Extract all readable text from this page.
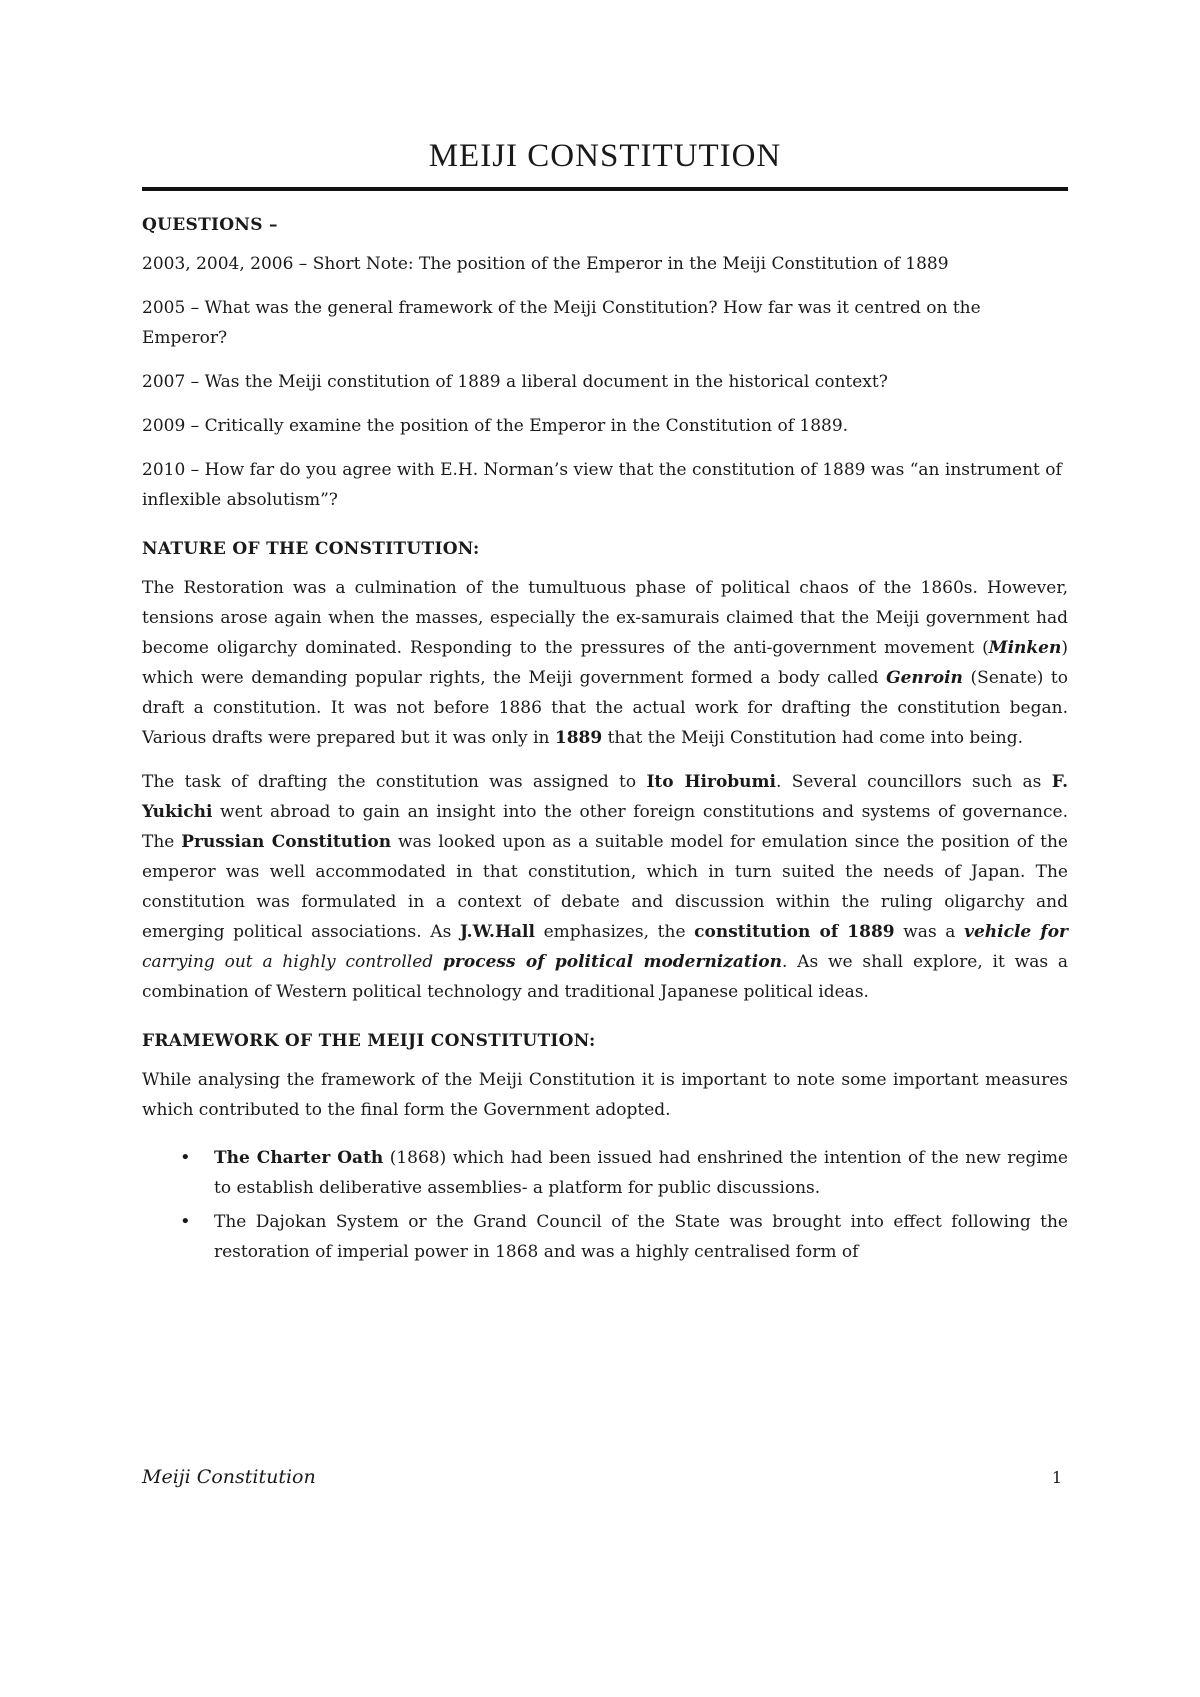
MEIJI CONSTITUTION
QUESTIONS –

2003, 2004, 2006 – Short Note: The position of the Emperor in the Meiji Constitution of 1889

2005 – What was the general framework of the Meiji Constitution? How far was it centred on the Emperor?

2007 – Was the Meiji constitution of 1889 a liberal document in the historical context?

2009 – Critically examine the position of the Emperor in the Constitution of 1889.

2010 – How far do you agree with E.H. Norman’s view that the constitution of 1889 was “an instrument of inflexible absolutism”?

NATURE OF THE CONSTITUTION:

The Restoration was a culmination of the tumultuous phase of political chaos of the 1860s. However, tensions arose again when the masses, especially the ex-samurais claimed that the Meiji government had become oligarchy dominated. Responding to the pressures of the anti-government movement (Minken) which were demanding popular rights, the Meiji government formed a body called Genroin (Senate) to draft a constitution. It was not before 1886 that the actual work for drafting the constitution began. Various drafts were prepared but it was only in 1889 that the Meiji Constitution had come into being.

The task of drafting the constitution was assigned to Ito Hirobumi. Several councillors such as F. Yukichi went abroad to gain an insight into the other foreign constitutions and systems of governance. The Prussian Constitution was looked upon as a suitable model for emulation since the position of the emperor was well accommodated in that constitution, which in turn suited the needs of Japan. The constitution was formulated in a context of debate and discussion within the ruling oligarchy and emerging political associations. As J.W.Hall emphasizes, the constitution of 1889 was a vehicle for carrying out a highly controlled process of political modernization. As we shall explore, it was a combination of Western political technology and traditional Japanese political ideas.

FRAMEWORK OF THE MEIJI CONSTITUTION:

While analysing the framework of the Meiji Constitution it is important to note some important measures which contributed to the final form the Government adopted.

• The Charter Oath (1868) which had been issued had enshrined the intention of the new regime to establish deliberative assemblies- a platform for public discussions.
• The Dajokan System or the Grand Council of the State was brought into effect following the restoration of imperial power in 1868 and was a highly centralised form of
Meiji Constitution	1
